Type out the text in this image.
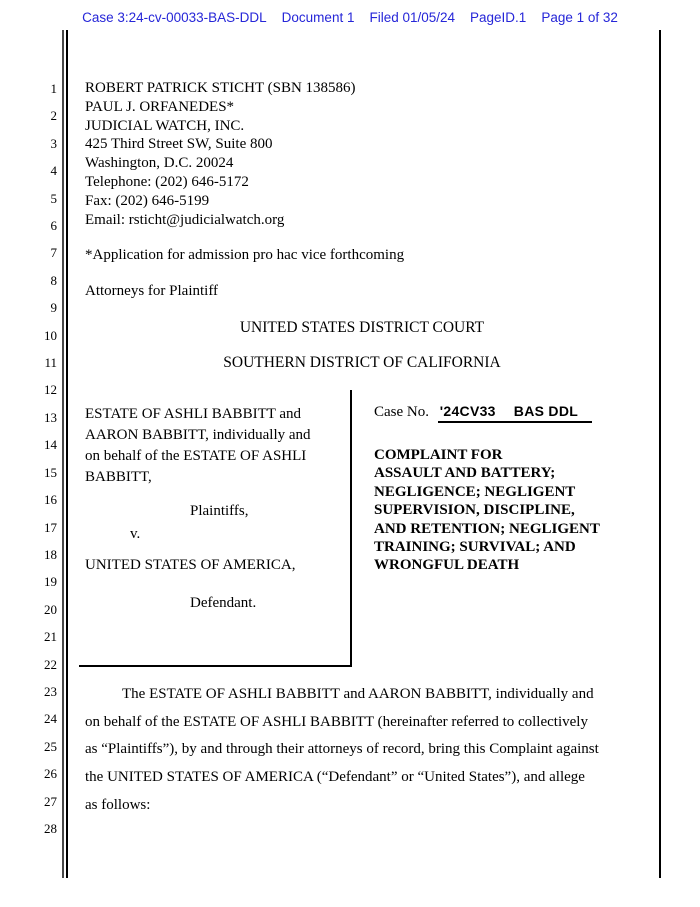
Case 3:24-cv-00033-BAS-DDL Document 1 Filed 01/05/24 PageID.1 Page 1 of 32
1
2
3
4
5
6
7
8
9
10
11
12
13
14
15
16
17
18
19
20
21
22
23
24
25
26
27
28
ROBERT PATRICK STICHT (SBN 138586)
PAUL J. ORFANEDES*
JUDICIAL WATCH, INC.
425 Third Street SW, Suite 800
Washington, D.C. 20024
Telephone: (202) 646-5172
Fax: (202) 646-5199
Email: rsticht@judicialwatch.org
*Application for admission pro hac vice forthcoming
Attorneys for Plaintiff
UNITED STATES DISTRICT COURT
SOUTHERN DISTRICT OF CALIFORNIA
ESTATE OF ASHLI BABBITT and
AARON BABBITT, individually and
on behalf of the ESTATE OF ASHLI
BABBITT,
Plaintiffs,
v.
UNITED STATES OF AMERICA,
Defendant.
Case No. '24CV33 BAS DDL
COMPLAINT FOR
ASSAULT AND BATTERY;
NEGLIGENCE; NEGLIGENT
SUPERVISION, DISCIPLINE,
AND RETENTION; NEGLIGENT
TRAINING; SURVIVAL; AND
WRONGFUL DEATH
The ESTATE OF ASHLI BABBITT and AARON BABBITT, individually and
on behalf of the ESTATE OF ASHLI BABBITT (hereinafter referred to collectively
as “Plaintiffs”), by and through their attorneys of record, bring this Complaint against
the UNITED STATES OF AMERICA (“Defendant” or “United States”), and allege
as follows:
